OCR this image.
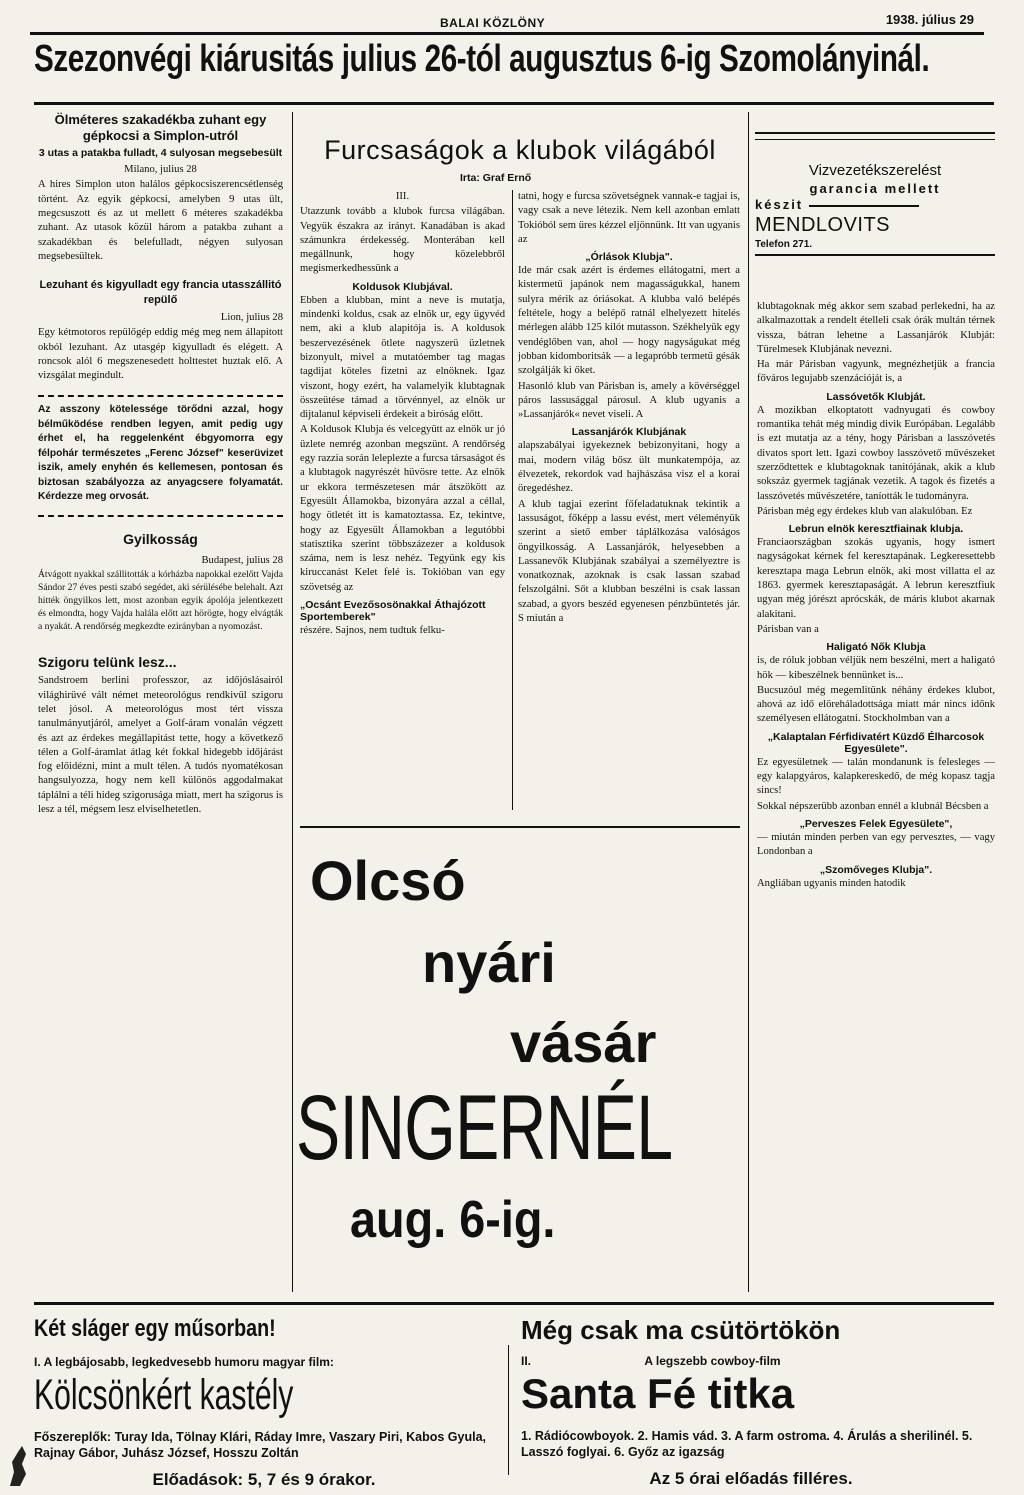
BALAI KÖZLÖNY	1938. július 29
Szezonvégi kiárusitás julius 26-tól augusztus 6-ig Szomolányinál.
Ölméteres szakadékba zuhant egy gépkocsi a Simplon-utról
3 utas a patakba fulladt, 4 sulyosan megsebesült

Milano, julius 28

A hires Simplon uton halálos gépkocsiszerencsétlenség történt. Az egyik gépkocsi, amelyben 9 utas ült, megcsuszott és az ut mellett 6 méteres szakadékba zuhant. Az utasok közül három a patakba zuhant a szakadékban és belefulladt, négyen sulyosan megsebesültek.

Lezuhant és kigyulladt egy francia utasszállitó repülő

Lion, julius 28

Egy kétmotoros repülőgép eddig még meg nem állapitott okból lezuhant. Az utasgép kigyulladt és elégett. A roncsok alól 6 megszenesedett holttestet huztak elő. A vizsgálat megindult.

Az asszony kötelessége törődni azzal, hogy bélműködése rendben legyen, amit pedig ugy érhet el, ha reggelenként ébgyomorra egy félpohár természetes „Ferenc József" keserüvizet iszik, amely enyhén és kellemesen, pontosan és biztosan szabályozza az anyagcsere folyamatát. Kérdezze meg orvosát.

Gyilkosság

Budapest, julius 28

Átvágott nyakkal szállitották a kórházba napokkal ezelőtt Vajda Sándor 27 éves pesti szabó segédet, aki sérülésébe belehalt. Azt hitték öngyilkos lett, most azonban egyik ápolója jelentkezett és elmondta, hogy Vajda halála előtt azt hörögte, hogy elvágták a nyakát. A rendőrség megkezdte ezirányban a nyomozást.

Szigoru telünk lesz...

Sandstroem berlini professzor, az időjóslásairól világhirüvé vált német meteorológus rendkivül szigoru telet jósol. A meteorológus most tért vissza tanulmányutjáról, amelyet a Golf-áram vonalán végzett és azt az érdekes megállapitást tette, hogy a következő télen a Golf-áramlat átlag két fokkal hidegebb időjárást fog előidézni, mint a mult télen. A tudós nyomatékosan hangsulyozza, hogy nem kell különös aggodalmakat táplálni a téli hideg szigorusága miatt, mert ha szigorus is lesz a tél, mégsem lesz elviselhetetlen.

Furcsaságok a klubok világából
Irta: Graf Ernő

III.

Utazzunk tovább a klubok furcsa világában. Vegyük északra az irányt. Kanadában is akad számunkra érdekesség. Monterában kell megállnunk, hogy közelebbről megismerkedhessünk a

Koldusok Klubjával.

Ebben a klubban, mint a neve is mutatja, mindenki koldus, csak az elnök ur, egy ügyvéd nem, aki a klub alapitója is. A koldusok beszervezésének ötlete nagyszerü üzletnek bizonyult, mivel a mutatóember tag magas tagdijat köteles fizetni az elnöknek. Igaz viszont, hogy ezért, ha valamelyik klubtagnak összeütése támad a törvénnyel, az elnök ur dijtalanul képviseli érdekeit a biróság előtt.

A Koldusok Klubja és velcegyütt az elnök ur jó üzlete nemrég azonban megszünt. A rendőrség egy razzia során leleplezte a furcsa társaságot és a klubtagok nagyrészét hüvösre tette. Az elnök ur ekkora természetesen már átszökött az Egyesült Államokba, bizonyára azzal a céllal, hogy ötletét itt is kamatoztassa. Ez, tekintve, hogy az Egyesült Államokban a legutóbbi statisztika szerint többszázezer a koldusok száma, nem is lesz nehéz. Tegyünk egy kis kiruccanást Kelet felé is. Tokióban van egy szövetség az

„Ocsánt Evezősosönakkal Áthajózott Sportemberek"

részére. Sajnos, nem tudtuk felku-

tatni, hogy e furcsa szövetségnek vannak-e tagjai is, vagy csak a neve létezik. Nem kell azonban emlatt Tokióból sem üres kézzel eljönnünk. Itt van ugyanis az

„Órlások Klubja".

Ide már csak azért is érdemes ellátogatni, mert a kistermetű japánok nem magasságukkal, hanem sulyra mérik az óriásokat. A klubba való belépés feltétele, hogy a belépő ratnál elhelyezett hitelés mérlegen alább 125 kilót mutasson. Székhelyük egy vendéglőben van, ahol — hogy nagyságukat még jobban kidomboritsák — a legapróbb termetű gésák szolgálják ki őket.

Hasonló klub van Párisban is, amely a kövérséggel páros lassusággal párosul. A klub ugyanis a »Lassanjárók« nevet viseli. A

Lassanjárók Klubjának

alapszabályai igyekeznek bebizonyitani, hogy a mai, modern világ bősz ült munkatempója, az élvezetek, rekordok vad hajhászása visz el a korai öregedéshez.

A klub tagjai ezerint főfeladatuknak tekintik a lassuságot, főképp a lassu evést, mert véleményük szerint a siető ember táplálkozása valóságos öngyilkosság. A Lassanjárók, helyesebben a Lassanevők Klubjának szabályai a személyeztre is vonatkoznak, azoknak is csak lassan szabad felszolgálni. Sőt a klubban beszélni is csak lassan szabad, a gyors beszéd egyenesen pénzbüntetés jár. S miután a

Olcsó
nyári
vásár
SINGERNÉL
aug. 6-ig.
Vizvezetékszerelést
garancia mellett
készit
MENDLOVITS
Telefon 271.

klubtagoknak még akkor sem szabad perlekedni, ha az alkalmazottak a rendelt ételleli csak órák multán térnek vissza, bátran lehetne a Lassanjárók Klubját: Türelmesek Klubjának nevezni.

Ha már Párisban vagyunk, megnézhetjük a francia főváros legujabb szenzációját is, a

Lassóvetők Klubját.

A mozikban elkoptatott vadnyugati és cowboy romantika tehát még mindig divik Európában. Legalább is ezt mutatja az a tény, hogy Párisban a lasszóvetés divatos sport lett. Igazi cowboy lasszóvető művészeket szerződtettek e klubtagoknak tanitójának, akik a klub sokszáz gyermek tagjának vezetik. A tagok és fizetés a lasszóvetés művészetére, taníották le tudományra.

Párisban még egy érdekes klub van alakulóban. Ez

Lebrun elnök keresztfiainak klubja.

Franciaországban szokás ugyanis, hogy ismert nagyságokat kérnek fel keresztapának. Legkeresettebb keresztapa maga Lebrun elnök, aki most villatta el az 1863. gyermek keresztapaságát. A lebrun keresztfiuk ugyan még jórészt aprócskák, de máris klubot akarnak alakitani.

Párisban van a

Haligató Nők Klubja

is, de róluk jobban véljük nem beszélni, mert a haligató hök — kibeszélnek bennünket is...

Bucsuzóul még megemlitünk néhány érdekes klubot, ahová az idő elöreháladottsága miatt már nincs időnk személyesen ellátogatni. Stockholmban van a

„Kalaptalan Férfidivatért Küzdő Élharcosok Egyesülete".

Ez egyesületnek — talán mondanunk is felesleges — egy kalapgyáros, kalapkereskedő, de még kopasz tagja sincs!

Sokkal népszerübb azonban ennél a klubnál Bécsben a

„Perveszes Felek Egyesülete",

— miután minden perben van egy pervesztes, — vagy Londonban a

„Szomőveges Klubja".

Angliában ugyanis minden hatodik

Két sláger egy műsorban!
I. A legbájosabb, legkedvesebb humoru magyar film:
Kölcsönkért kastély
Főszereplők: Turay Ida, Tölnay Klári, Ráday Imre, Vaszary Piri, Kabos Gyula, Rajnay Gábor, Juhász József, Hosszu Zoltán
Előadások: 5, 7 és 9 órakor.
Még csak ma csütörtökön
II.	A legszebb cowboy-film
Santa Fé titka
1. Rádiócowboyok. 2. Hamis vád. 3. A farm ostroma. 4. Árulás a sherilinél. 5. Lasszó foglyai. 6. Győz az igazság
Az 5 órai előadás filléres.
